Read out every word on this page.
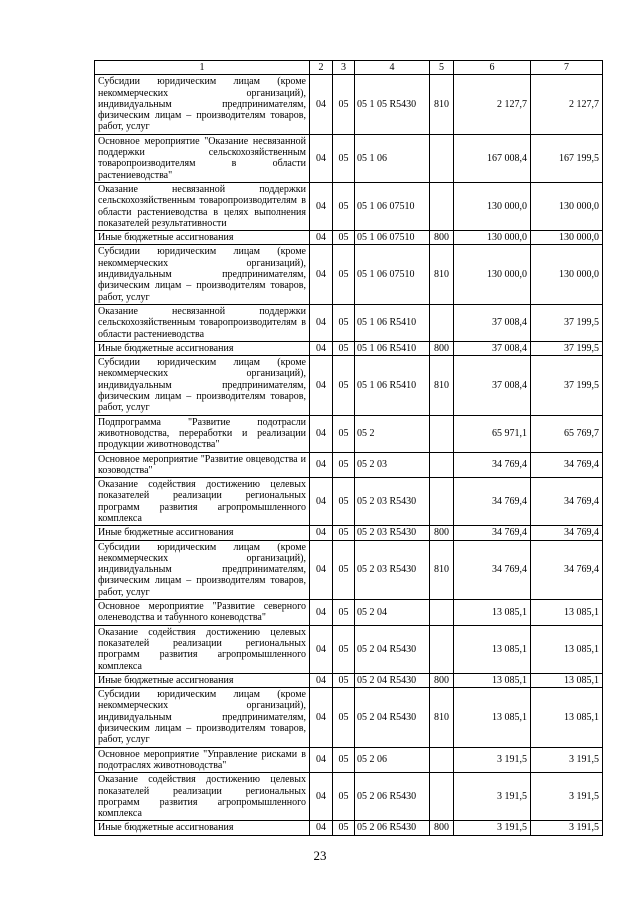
1	2	3	4	5	6	7
Субсидии юридическим лицам (кроме некоммерческих организаций), индивидуальным предпринимателям, физическим лицам – производителям товаров, работ, услуг	04	05	05 1 05 R5430	810	2 127,7	2 127,7
Основное мероприятие "Оказание несвязанной поддержки сельскохозяйственным товаропроизводителям в области растениеводства"	04	05	05 1 06		167 008,4	167 199,5
Оказание несвязанной поддержки сельскохозяйственным товаропроизводителям в области растениеводства в целях выполнения показателей результативности	04	05	05 1 06 07510		130 000,0	130 000,0
Иные бюджетные ассигнования	04	05	05 1 06 07510	800	130 000,0	130 000,0
Субсидии юридическим лицам (кроме некоммерческих организаций), индивидуальным предпринимателям, физическим лицам – производителям товаров, работ, услуг	04	05	05 1 06 07510	810	130 000,0	130 000,0
Оказание несвязанной поддержки сельскохозяйственным товаропроизводителям в области растениеводства	04	05	05 1 06 R5410		37 008,4	37 199,5
Иные бюджетные ассигнования	04	05	05 1 06 R5410	800	37 008,4	37 199,5
Субсидии юридическим лицам (кроме некоммерческих организаций), индивидуальным предпринимателям, физическим лицам – производителям товаров, работ, услуг	04	05	05 1 06 R5410	810	37 008,4	37 199,5
Подпрограмма "Развитие подотрасли животноводства, переработки и реализации продукции животноводства"	04	05	05 2		65 971,1	65 769,7
Основное мероприятие "Развитие овцеводства и козоводства"	04	05	05 2 03		34 769,4	34 769,4
Оказание содействия достижению целевых показателей реализации региональных программ развития агропромышленного комплекса	04	05	05 2 03 R5430		34 769,4	34 769,4
Иные бюджетные ассигнования	04	05	05 2 03 R5430	800	34 769,4	34 769,4
Субсидии юридическим лицам (кроме некоммерческих организаций), индивидуальным предпринимателям, физическим лицам – производителям товаров, работ, услуг	04	05	05 2 03 R5430	810	34 769,4	34 769,4
Основное мероприятие "Развитие северного оленеводства и табунного коневодства"	04	05	05 2 04		13 085,1	13 085,1
Оказание содействия достижению целевых показателей реализации региональных программ развития агропромышленного комплекса	04	05	05 2 04 R5430		13 085,1	13 085,1
Иные бюджетные ассигнования	04	05	05 2 04 R5430	800	13 085,1	13 085,1
Субсидии юридическим лицам (кроме некоммерческих организаций), индивидуальным предпринимателям, физическим лицам – производителям товаров, работ, услуг	04	05	05 2 04 R5430	810	13 085,1	13 085,1
Основное мероприятие "Управление рисками в подотраслях животноводства"	04	05	05 2 06		3 191,5	3 191,5
Оказание содействия достижению целевых показателей реализации региональных программ развития агропромышленного комплекса	04	05	05 2 06 R5430		3 191,5	3 191,5
Иные бюджетные ассигнования	04	05	05 2 06 R5430	800	3 191,5	3 191,5
23
